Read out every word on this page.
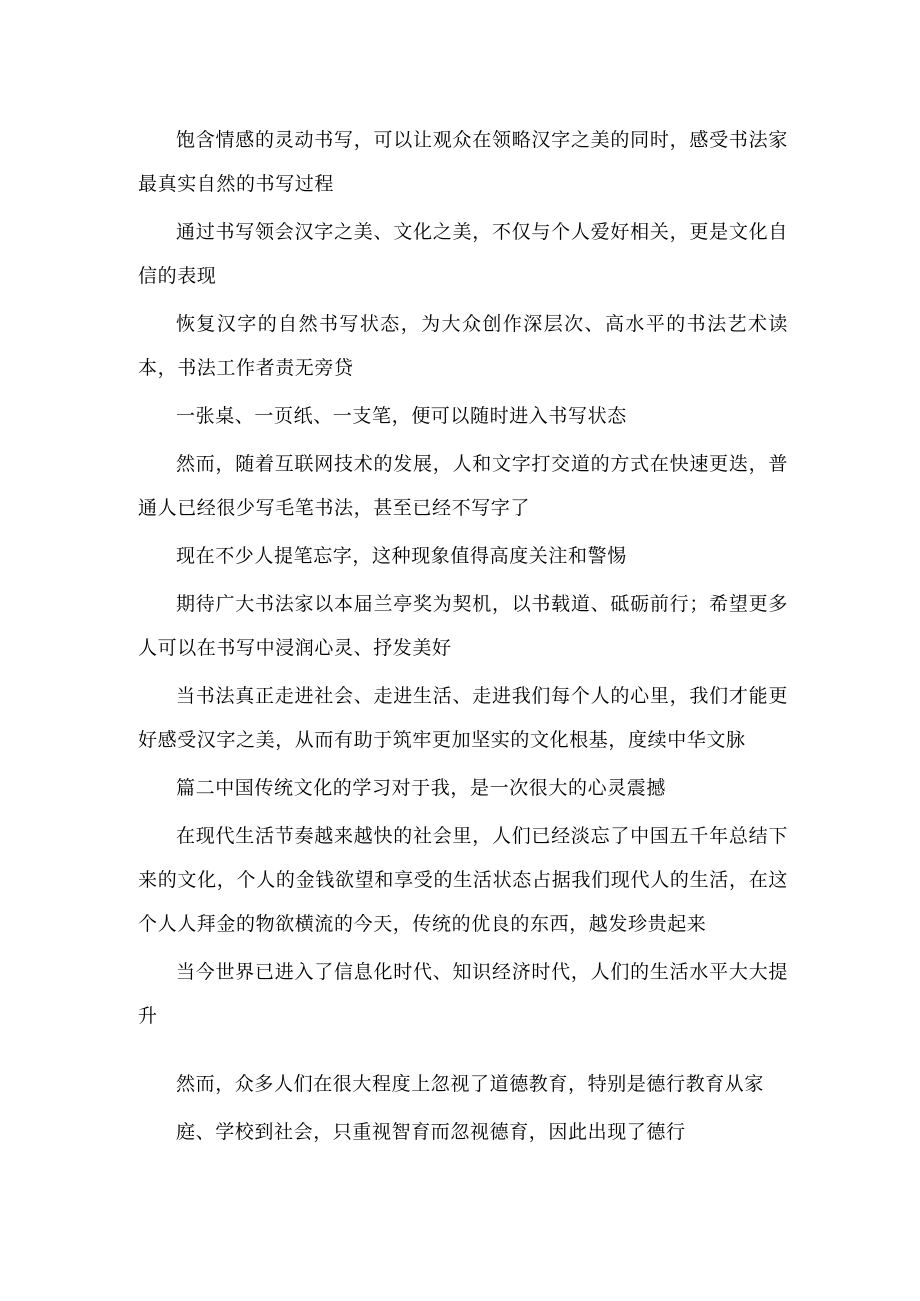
饱含情感的灵动书写，可以让观众在领略汉字之美的同时，感受书法家最真实自然的书写过程

通过书写领会汉字之美、文化之美，不仅与个人爱好相关，更是文化自信的表现

恢复汉字的自然书写状态，为大众创作深层次、高水平的书法艺术读本，书法工作者责无旁贷

一张桌、一页纸、一支笔，便可以随时进入书写状态

然而，随着互联网技术的发展，人和文字打交道的方式在快速更迭，普通人已经很少写毛笔书法，甚至已经不写字了

现在不少人提笔忘字，这种现象值得高度关注和警惕

期待广大书法家以本届兰亭奖为契机，以书载道、砥砺前行；希望更多人可以在书写中浸润心灵、抒发美好

当书法真正走进社会、走进生活、走进我们每个人的心里，我们才能更好感受汉字之美，从而有助于筑牢更加坚实的文化根基，度续中华文脉

篇二中国传统文化的学习对于我，是一次很大的心灵震撼

在现代生活节奏越来越快的社会里，人们已经淡忘了中国五千年总结下来的文化，个人的金钱欲望和享受的生活状态占据我们现代人的生活，在这个人人拜金的物欲横流的今天，传统的优良的东西，越发珍贵起来

当今世界已进入了信息化时代、知识经济时代，人们的生活水平大大提升

然而，众多人们在很大程度上忽视了道德教育，特别是德行教育从家

庭、学校到社会，只重视智育而忽视德育，因此出现了德行
